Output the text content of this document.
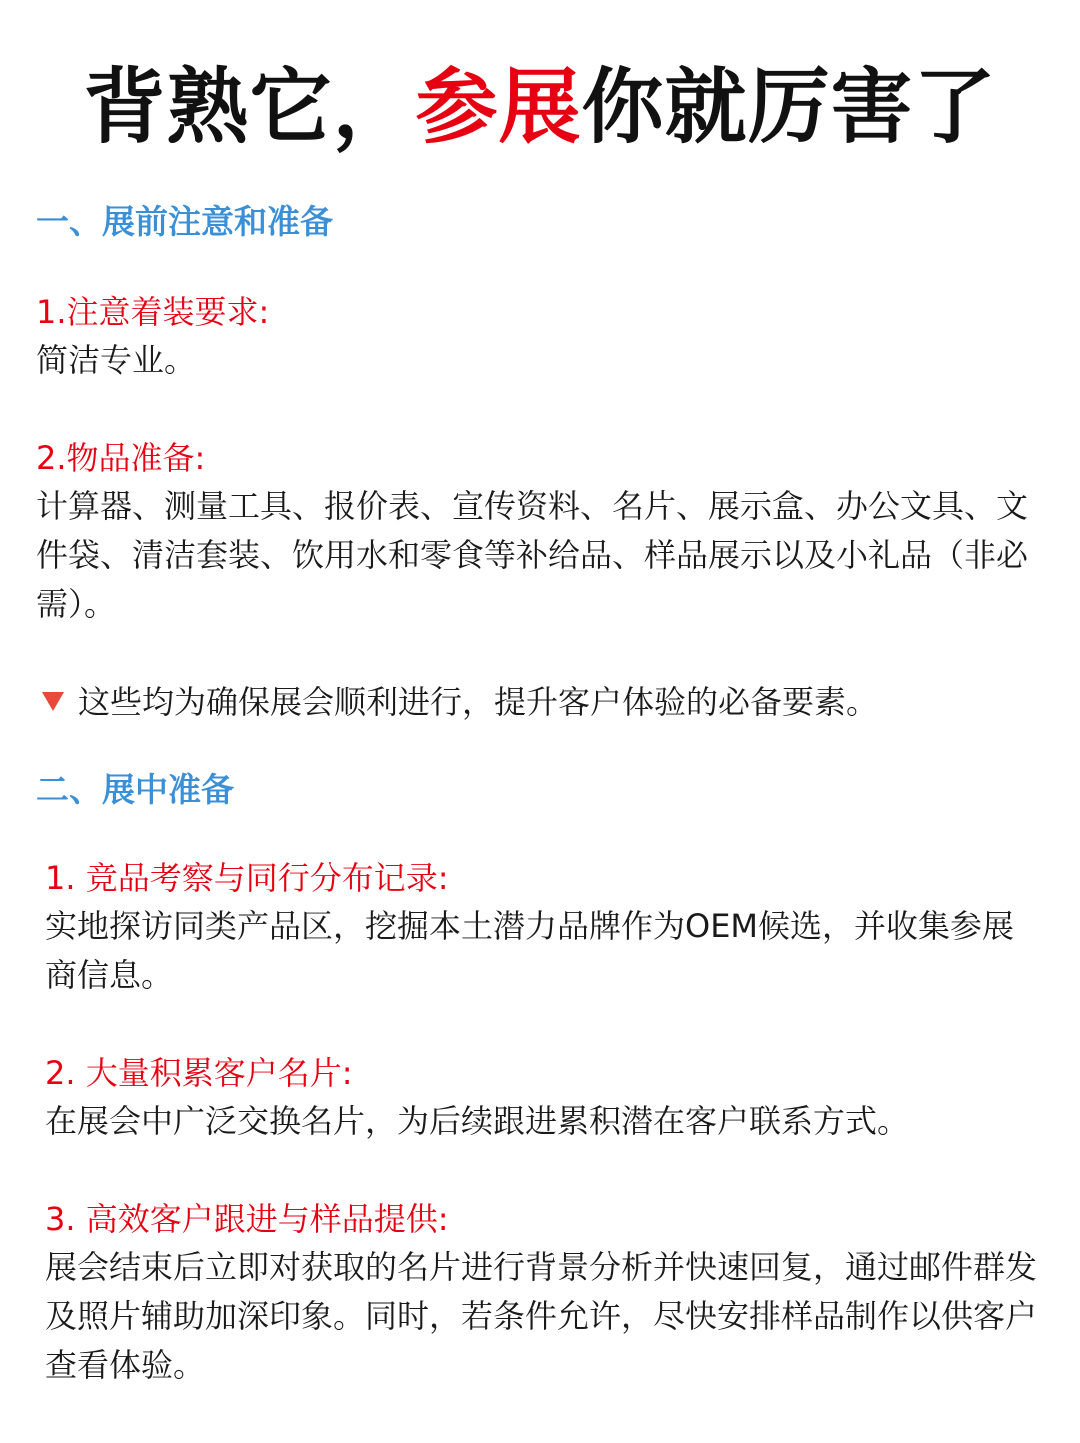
背熟它，参展你就厉害了
一、展前注意和准备
1.注意着装要求:
简洁专业。
2.物品准备:
计算器、测量工具、报价表、宣传资料、名片、展示盒、办公文具、文件袋、清洁套装、饮用水和零食等补给品、样品展示以及小礼品（非必需）。
这些均为确保展会顺利进行，提升客户体验的必备要素。
二、展中准备
1. 竞品考察与同行分布记录:
实地探访同类产品区，挖掘本土潜力品牌作为OEM候选，并收集参展商信息。
2. 大量积累客户名片:
在展会中广泛交换名片，为后续跟进累积潜在客户联系方式。
3. 高效客户跟进与样品提供:
展会结束后立即对获取的名片进行背景分析并快速回复，通过邮件群发及照片辅助加深印象。同时，若条件允许，尽快安排样品制作以供客户查看体验。
